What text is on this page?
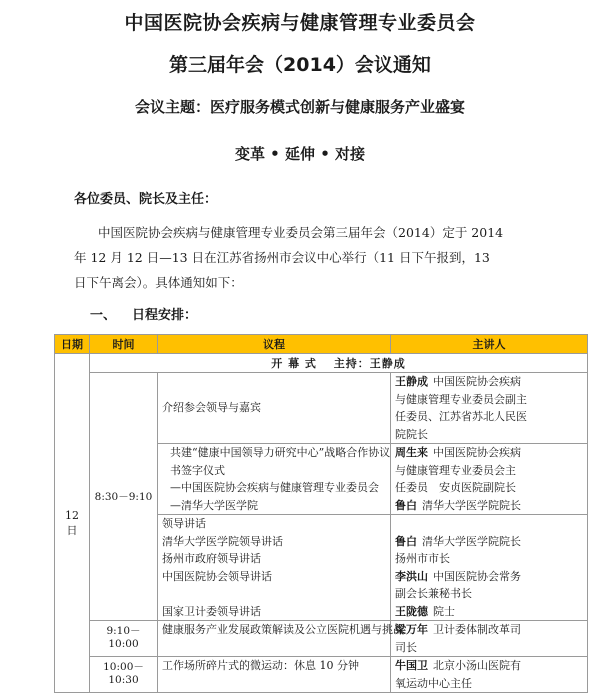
中国医院协会疾病与健康管理专业委员会
第三届年会（2014）会议通知
会议主题：医疗服务模式创新与健康服务产业盛宴
变革 • 延伸 • 对接
各位委员、院长及主任：
中国医院协会疾病与健康管理专业委员会第三届年会（2014）定于 2014 年 12 月 12 日—13 日在江苏省扬州市会议中心举行（11 日下午报到，13 日下午离会）。具体通知如下：
一、 日程安排：
日期	时间	议程	主讲人
12 日	开 幕 式　 主持：王静成		
	8:30－9:10	介绍参会领导与嘉宾	王静成 中国医院协会疾病
与健康管理专业委员会副主
任委员、江苏省苏北人民医
院院长

		共建“健康中国领导力研究中心”战略合作协议
书签字仪式
—中国医院协会疾病与健康管理专业委员会
—清华大学医学院	周生来 中国医院协会疾病
与健康管理专业委员会主
任委员　安贞医院副院长
鲁白 清华大学医学院院长

		领导讲话
清华大学医学院领导讲话
扬州市政府领导讲话
中国医院协会领导讲话
国家卫计委领导讲话	鲁白 清华大学医学院院长
扬州市市长
李洪山 中国医院协会常务
副会长兼秘书长
王陇德 院士

	9:10－10:00	健康服务产业发展政策解读及公立医院机遇与挑战	梁万年 卫计委体制改革司
司长

	10:00－10:30	工作场所碎片式的微运动：休息 10 分钟	牛国卫 北京小汤山医院有
氧运动中心主任
